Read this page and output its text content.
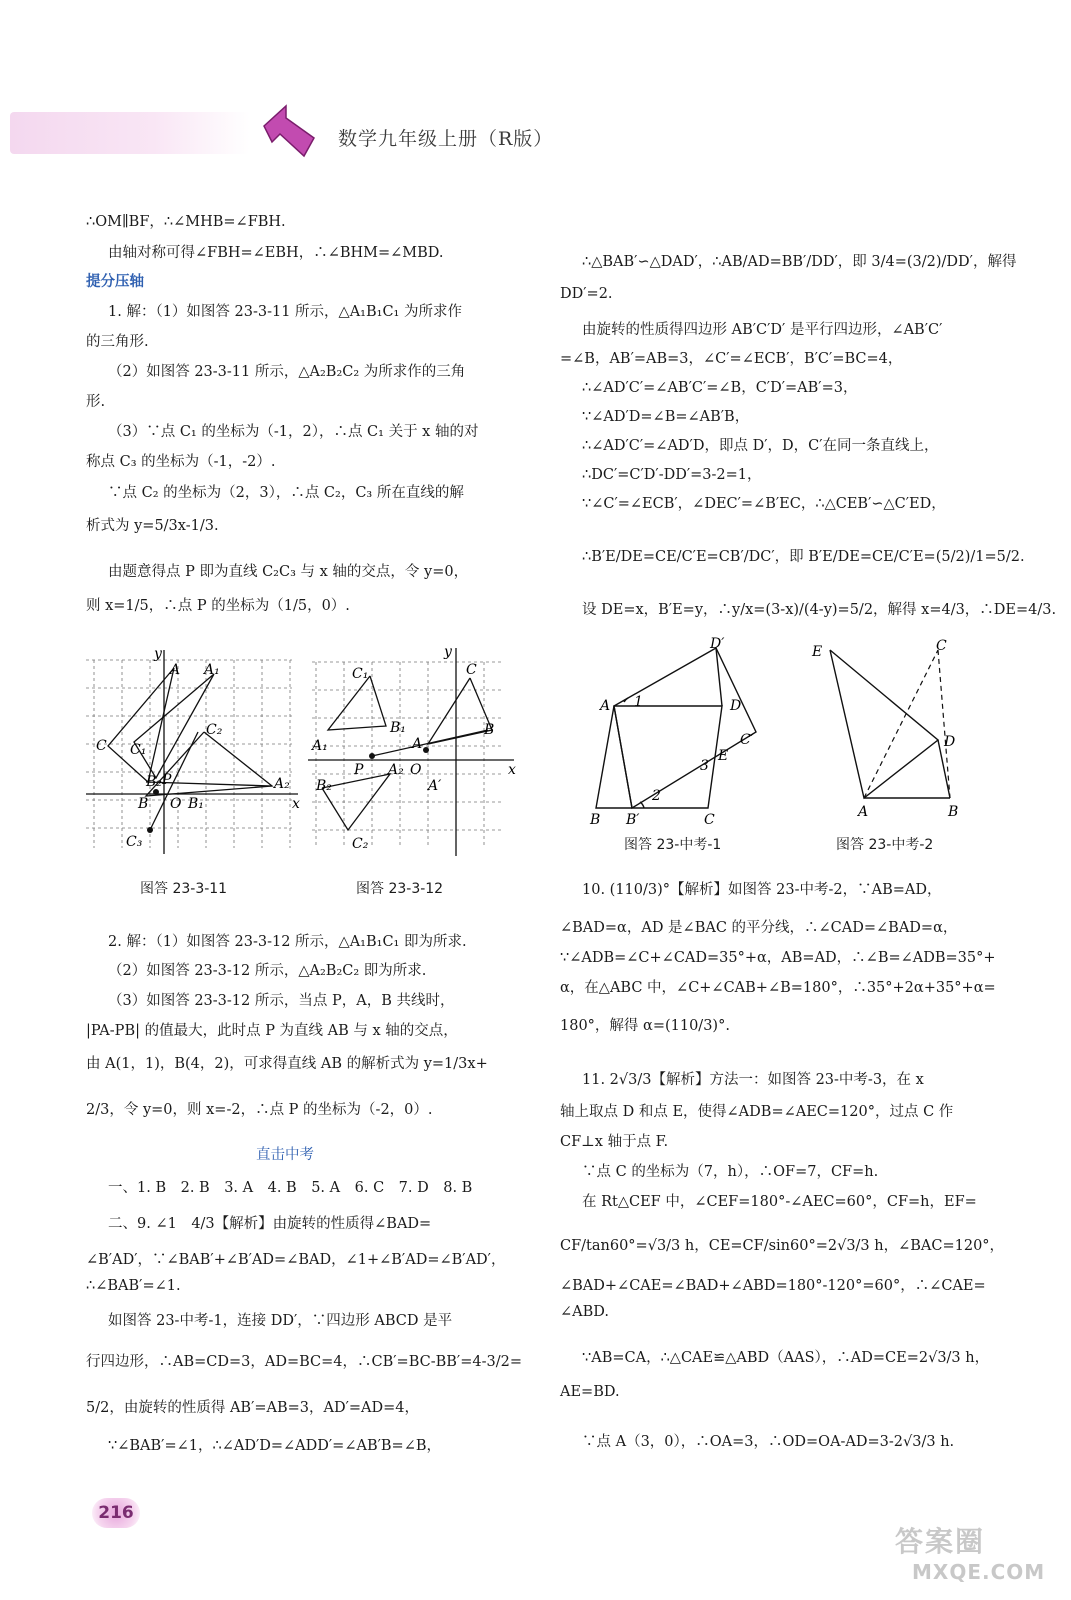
数学九年级上册（R版）

∴OM∥BF，∴∠MHB=∠FBH.

由轴对称可得∠FBH=∠EBH，∴∠BHM=∠MBD.

提分压轴

1. 解：（1）如图答 23-3-11 所示，△A₁B₁C₁ 为所求作

的三角形.

（2）如图答 23-3-11 所示，△A₂B₂C₂ 为所求作的三角

形.

（3）∵点 C₁ 的坐标为（-1，2），∴点 C₁ 关于 x 轴的对

称点 C₃ 的坐标为（-1，-2）.

∵点 C₂ 的坐标为（2，3），∴点 C₂，C₃ 所在直线的解

析式为 y=5/3x-1/3.

由题意得点 P 即为直线 C₂C₃ 与 x 轴的交点，令 y=0，

则 x=1/5，∴点 P 的坐标为（1/5，0）.

y
A A₁
C C₁
C₂
B₂ P
B O B₁
A₂
x
C₃
y
C₁	C
B₁	B
A₁	A
P A₂ O	x
B₂	A′
C₂
图答 23-3-11	图答 23-3-12

2. 解：（1）如图答 23-3-12 所示，△A₁B₁C₁ 即为所求.

（2）如图答 23-3-12 所示，△A₂B₂C₂ 即为所求.

（3）如图答 23-3-12 所示，当点 P，A，B 共线时，

|PA-PB| 的值最大，此时点 P 为直线 AB 与 x 轴的交点，

由 A(1，1)，B(4，2)，可求得直线 AB 的解析式为 y=1/3x+

2/3，令 y=0，则 x=-2，∴点 P 的坐标为（-2，0）.

直击中考

一、1. B　2. B　3. A　4. B　5. A　6. C　7. D　8. B

二、9. ∠1　4/3【解析】由旋转的性质得∠BAD=

∠B′AD′，∵∠BAB′+∠B′AD=∠BAD，∠1+∠B′AD=∠B′AD′，

∴∠BAB′=∠1.

如图答 23-中考-1，连接 DD′，∵四边形 ABCD 是平

行四边形，∴AB=CD=3，AD=BC=4，∴CB′=BC-BB′=4-3/2=

5/2，由旋转的性质得 AB′=AB=3，AD′=AD=4，

∵∠BAB′=∠1，∴∠AD′D=∠ADD′=∠AB′B=∠B，

∴△BAB′∽△DAD′，∴AB/AD=BB′/DD′，即 3/4=(3/2)/DD′，解得

DD′=2.

由旋转的性质得四边形 AB′C′D′ 是平行四边形，∠AB′C′

=∠B，AB′=AB=3，∠C′=∠ECB′，B′C′=BC=4，

∴∠AD′C′=∠AB′C′=∠B，C′D′=AB′=3，

∵∠AD′D=∠B=∠AB′B，

∴∠AD′C′=∠AD′D，即点 D′，D，C′在同一条直线上，

∴DC′=C′D′-DD′=3-2=1，

∵∠C′=∠ECB′，∠DEC′=∠B′EC，∴△CEB′∽△C′ED，

∴B′E/DE=CE/C′E=CB′/DC′，即 B′E/DE=CE/C′E=(5/2)/1=5/2.

设 DE=x，B′E=y，∴y/x=(3-x)/(4-y)=5/2，解得 x=4/3，∴DE=4/3.

D′
A 1	D
C′
E
3
2
B B′	C
E	C
D
A	B
图答 23-中考-1	图答 23-中考-2

10. (110/3)°【解析】如图答 23-中考-2，∵AB=AD，

∠BAD=α，AD 是∠BAC 的平分线，∴∠CAD=∠BAD=α，

∵∠ADB=∠C+∠CAD=35°+α，AB=AD，∴∠B=∠ADB=35°+

α，在△ABC 中，∠C+∠CAB+∠B=180°，∴35°+2α+35°+α=

180°，解得 α=(110/3)°.

11. 2√3/3【解析】方法一：如图答 23-中考-3，在 x

轴上取点 D 和点 E，使得∠ADB=∠AEC=120°，过点 C 作

CF⊥x 轴于点 F.

∵点 C 的坐标为（7，h），∴OF=7，CF=h.

在 Rt△CEF 中，∠CEF=180°-∠AEC=60°，CF=h，EF=

CF/tan60°=√3/3 h，CE=CF/sin60°=2√3/3 h，∠BAC=120°，

∠BAD+∠CAE=∠BAD+∠ABD=180°-120°=60°，∴∠CAE=

∠ABD.

∵AB=CA，∴△CAE≌△ABD（AAS），∴AD=CE=2√3/3 h，

AE=BD.

∵点 A（3，0），∴OA=3，∴OD=OA-AD=3-2√3/3 h.

216
答案圈
MXQE.COM
